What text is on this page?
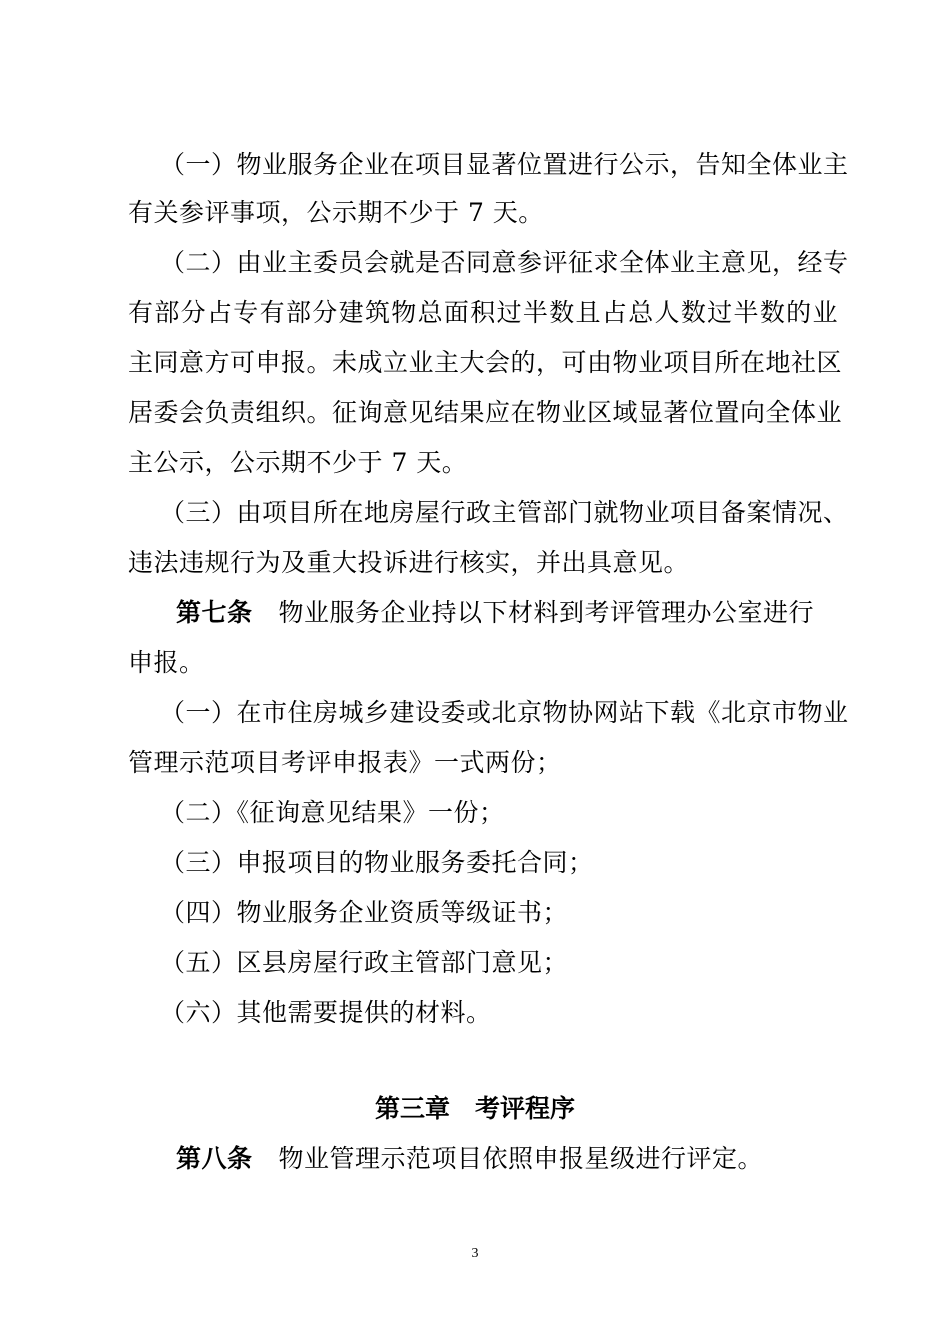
（一）物业服务企业在项目显著位置进行公示，告知全体业主
有关参评事项，公示期不少于 7 天。
（二）由业主委员会就是否同意参评征求全体业主意见，经专
有部分占专有部分建筑物总面积过半数且占总人数过半数的业
主同意方可申报。未成立业主大会的，可由物业项目所在地社区
居委会负责组织。征询意见结果应在物业区域显著位置向全体业
主公示，公示期不少于 7 天。
（三）由项目所在地房屋行政主管部门就物业项目备案情况、
违法违规行为及重大投诉进行核实，并出具意见。
第七条 物业服务企业持以下材料到考评管理办公室进行
申报。
（一）在市住房城乡建设委或北京物协网站下载《北京市物业
管理示范项目考评申报表》一式两份；
（二）《征询意见结果》一份；
（三）申报项目的物业服务委托合同；
（四）物业服务企业资质等级证书；
（五）区县房屋行政主管部门意见；
（六）其他需要提供的材料。
第三章　考评程序
第八条 物业管理示范项目依照申报星级进行评定。
3
